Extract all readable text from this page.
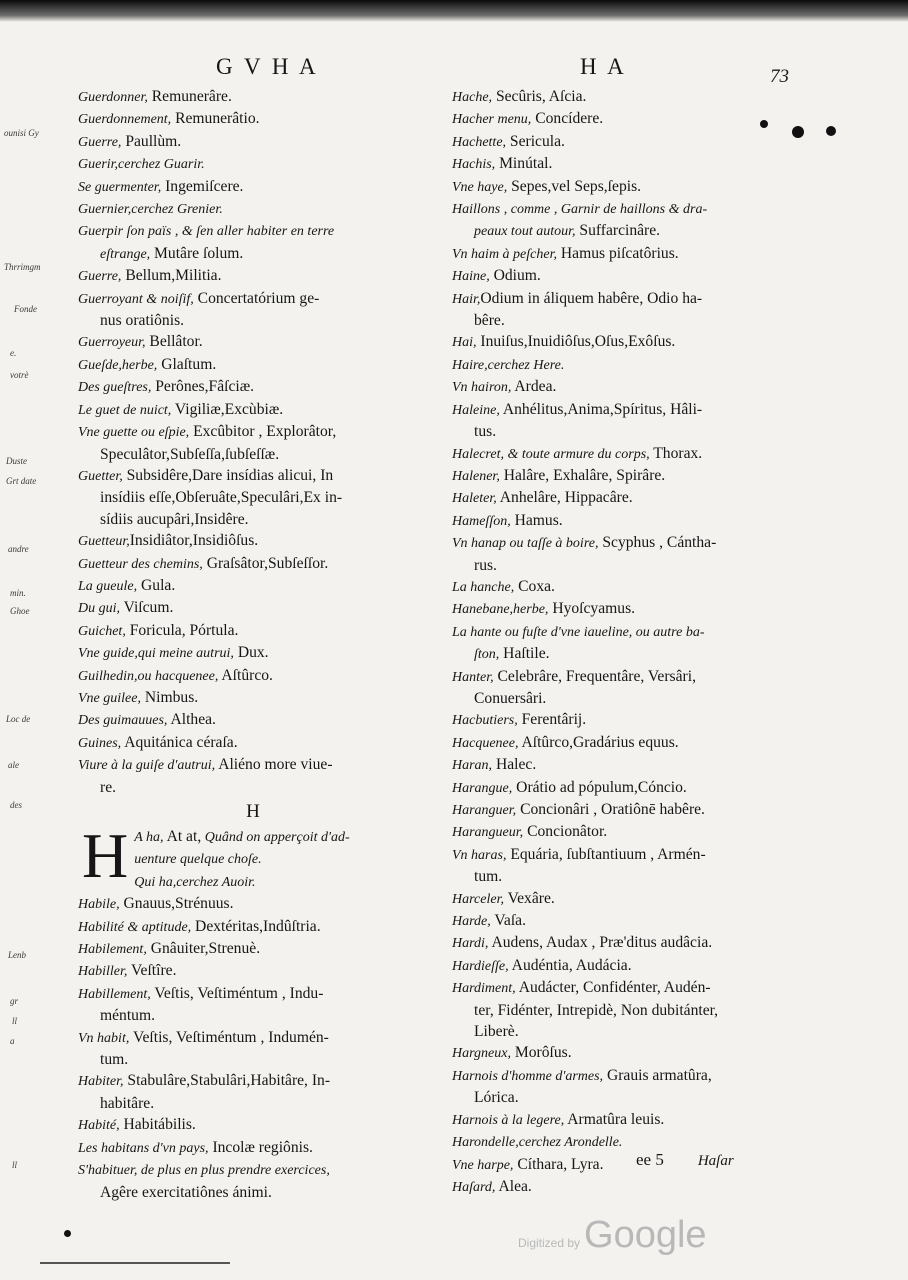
G V H A	H A	73
ounisi Gy
Thrrimgm
Fonde
e.
votrè
Duste
Grt date
andre
min.
Ghoe
Loc de
ale
des
Lenb
gr
ll
a
ll
Guerdonner, Remunerâre.
Guerdonnement, Remunerâtio.
Guerre, Paullùm.
Guerir,cerchez Guarir.
Se guermenter, Ingemiſcere.
Guernier,cerchez Grenier.
Guerpir ſon païs , & ſen aller habiter en terre
eſtrange, Mutâre ſolum.
Guerre, Bellum,Militia.
Guerroyant & noiſif, Concertatórium ge-
nus oratiônis.
Guerroyeur, Bellâtor.
Gueſde,herbe, Glaſtum.
Des gueſtres, Perônes,Fâſciæ.
Le guet de nuict, Vigiliæ,Excùbiæ.
Vne guette ou eſpie, Excûbitor , Explorâtor,
Speculâtor,Subſeſſa,ſubſeſſæ.
Guetter, Subsidêre,Dare insídias alicui, In
insídiis eſſe,Obſeruâte,Speculâri,Ex in-
sídiis aucupâri,Insidêre.
Guetteur,Insidiâtor,Insidiôſus.
Guetteur des chemins, Graſsâtor,Subſeſſor.
La gueule, Gula.
Du gui, Viſcum.
Guichet, Foricula, Pórtula.
Vne guide,qui meine autrui, Dux.
Guilhedin,ou hacquenee, Aſtûrco.
Vne guilee, Nimbus.
Des guimauues, Althea.
Guines, Aquitánica céraſa.
Viure à la guiſe d'autrui, Aliéno more viue-
re.
H
H A ha, At at, Quând on apperçoit d'ad-
uenture quelque choſe.
Qui ha,cerchez Auoir.
Habile, Gnauus,Strénuus.
Habilité & aptitude, Dextéritas,Indûſtria.
Habilement, Gnâuiter,Strenuè.
Habiller, Veſtîre.
Habillement, Veſtis, Veſtiméntum , Indu-
méntum.
Vn habit, Veſtis, Veſtiméntum , Indumén-
tum.
Habiter, Stabulâre,Stabulâri,Habitâre, In-
habitâre.
Habité, Habitábilis.
Les habitans d'vn pays, Incolæ regiônis.
S'habituer, de plus en plus prendre exercices,
Agêre exercitatiônes ánimi.
Hache, Secûris, Aſcia.
Hacher menu, Concídere.
Hachette, Sericula.
Hachis, Minútal.
Vne haye, Sepes,vel Seps,ſepis.
Haillons , comme , Garnir de haillons & dra-
peaux tout autour, Suffarcinâre.
Vn haim à peſcher, Hamus piſcatôrius.
Haine, Odium.
Hair,Odium in áliquem habêre, Odio ha-
bêre.
Hai, Inuiſus,Inuidiôſus,Oſus,Exôſus.
Haire,cerchez Here.
Vn hairon, Ardea.
Haleine, Anhélitus,Anima,Spíritus, Hâli-
tus.
Halecret, & toute armure du corps, Thorax.
Halener, Halâre, Exhalâre, Spirâre.
Haleter, Anhelâre, Hippacâre.
Hameſſon, Hamus.
Vn hanap ou taſſe à boire, Scyphus , Cántha-
rus.
La hanche, Coxa.
Hanebane,herbe, Hyoſcyamus.
La hante ou fuſte d'vne iaueline, ou autre ba-
ſton, Haſtile.
Hanter, Celebrâre, Frequentâre, Versâri,
Conuersâri.
Hacbutiers, Ferentârij.
Hacquenee, Aſtûrco,Gradárius equus.
Haran, Halec.
Harangue, Orátio ad pópulum,Cóncio.
Haranguer, Concionâri , Oratiônē habêre.
Harangueur, Concionâtor.
Vn haras, Equária, ſubſtantiuum , Armén-
tum.
Harceler, Vexâre.
Harde, Vaſa.
Hardi, Audens, Audax , Præ'ditus audâcia.
Hardieſſe, Audéntia, Audácia.
Hardiment, Audácter, Confidénter, Audén-
ter, Fidénter, Intrepidè, Non dubitánter,
Liberè.
Hargneux, Morôſus.
Harnois d'homme d'armes, Grauis armatûra,
Lórica.
Harnois à la legere, Armatûra leuis.
Harondelle,cerchez Arondelle.
Vne harpe, Cíthara, Lyra.
Haſard, Alea.
ee 5 Haſar
Digitized by Google
